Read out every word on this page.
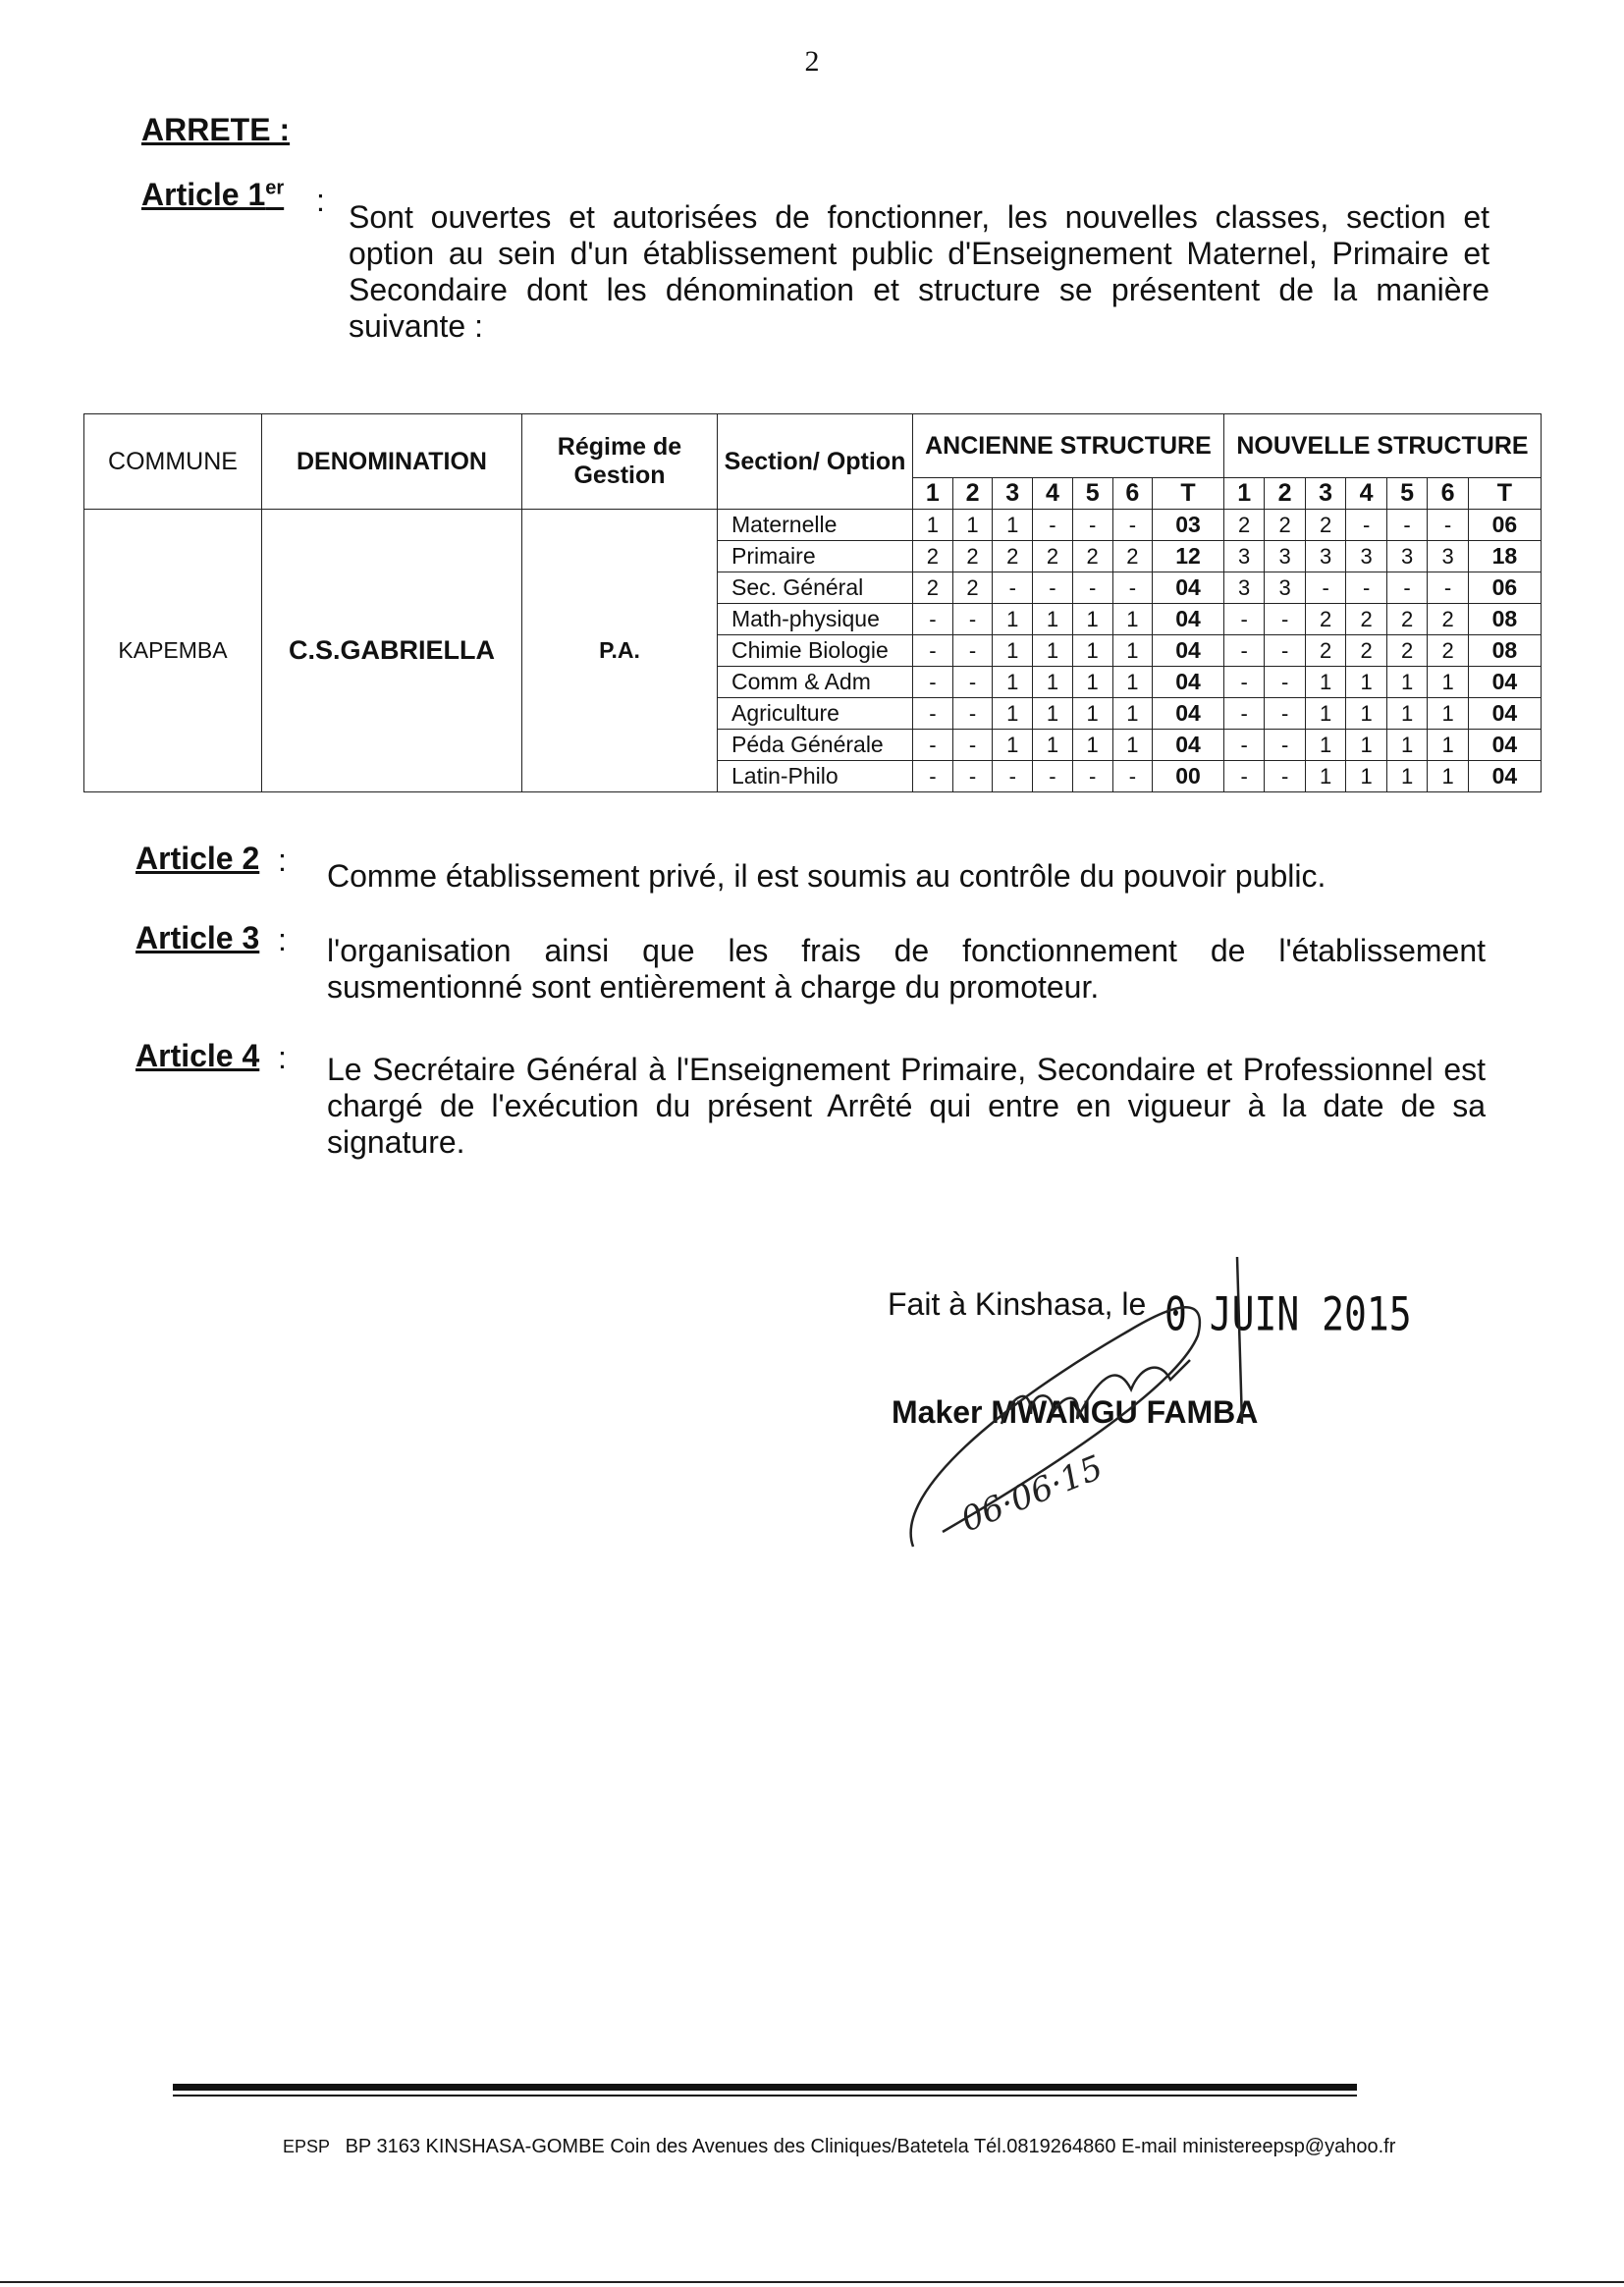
2
ARRETE :
Article 1er : Sont ouvertes et autorisées de fonctionner, les nouvelles classes, section et option au sein d'un établissement public d'Enseignement Maternel, Primaire et Secondaire dont les dénomination et structure se présentent de la manière suivante :
COMMUNE	DENOMINATION	Régime de Gestion	Section/ Option	ANCIENNE STRUCTURE							NOUVELLE STRUCTURE						
				1	2	3	4	5	6	T	1	2	3	4	5	6	T
KAPEMBA	C.S.GABRIELLA	P.A.	Maternelle	1	1	1	-	-	-	03	2	2	2	-	-	-	06
			Primaire	2	2	2	2	2	2	12	3	3	3	3	3	3	18
			Sec. Général	2	2	-	-	-	-	04	3	3	-	-	-	-	06
			Math-physique	-	-	1	1	1	1	04	-	-	2	2	2	2	08
			Chimie Biologie	-	-	1	1	1	1	04	-	-	2	2	2	2	08
			Comm & Adm	-	-	1	1	1	1	04	-	-	1	1	1	1	04
			Agriculture	-	-	1	1	1	1	04	-	-	1	1	1	1	04
			Péda Générale	-	-	1	1	1	1	04	-	-	1	1	1	1	04
			Latin-Philo	-	-	-	-	-	-	00	-	-	1	1	1	1	04
Article 2 : Comme établissement privé, il est soumis au contrôle du pouvoir public.
Article 3 : l'organisation ainsi que les frais de fonctionnement de l'établissement susmentionné sont entièrement à charge du promoteur.
Article 4 : Le Secrétaire Général à l'Enseignement Primaire, Secondaire et Professionnel est chargé de l'exécution du présent Arrêté qui entre en vigueur à la date de sa signature.
Fait à Kinshasa, le 0 JUIN 2015
Maker MWANGU FAMBA
06·06·15
EPSP BP 3163 KINSHASA-GOMBE Coin des Avenues des Cliniques/Batetela Tél.0819264860 E-mail ministereepsp@yahoo.fr
